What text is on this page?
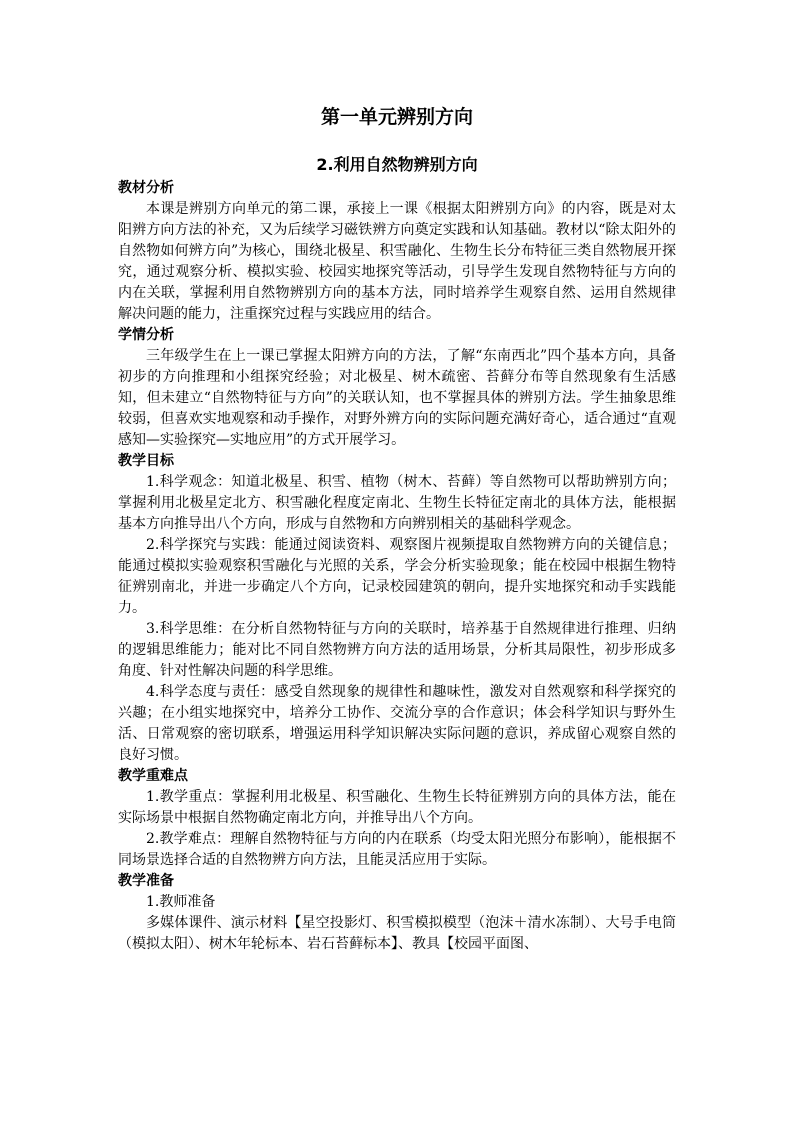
第一单元辨别方向
2.利用自然物辨别方向

教材分析

本课是辨别方向单元的第二课，承接上一课《根据太阳辨别方向》的内容，既是对太阳辨方向方法的补充，又为后续学习磁铁辨方向奠定实践和认知基础。教材以“除太阳外的自然物如何辨方向”为核心，围绕北极星、积雪融化、生物生长分布特征三类自然物展开探究，通过观察分析、模拟实验、校园实地探究等活动，引导学生发现自然物特征与方向的内在关联，掌握利用自然物辨别方向的基本方法，同时培养学生观察自然、运用自然规律解决问题的能力，注重探究过程与实践应用的结合。

学情分析

三年级学生在上一课已掌握太阳辨方向的方法，了解“东南西北”四个基本方向，具备初步的方向推理和小组探究经验；对北极星、树木疏密、苔藓分布等自然现象有生活感知，但未建立“自然物特征与方向”的关联认知，也不掌握具体的辨别方法。学生抽象思维较弱，但喜欢实地观察和动手操作，对野外辨方向的实际问题充满好奇心，适合通过“直观感知—实验探究—实地应用”的方式开展学习。

教学目标

1.科学观念：知道北极星、积雪、植物（树木、苔藓）等自然物可以帮助辨别方向；掌握利用北极星定北方、积雪融化程度定南北、生物生长特征定南北的具体方法，能根据基本方向推导出八个方向，形成与自然物和方向辨别相关的基础科学观念。

2.科学探究与实践：能通过阅读资料、观察图片视频提取自然物辨方向的关键信息；能通过模拟实验观察积雪融化与光照的关系，学会分析实验现象；能在校园中根据生物特征辨别南北，并进一步确定八个方向，记录校园建筑的朝向，提升实地探究和动手实践能力。

3.科学思维：在分析自然物特征与方向的关联时，培养基于自然规律进行推理、归纳的逻辑思维能力；能对比不同自然物辨方向方法的适用场景，分析其局限性，初步形成多角度、针对性解决问题的科学思维。

4.科学态度与责任：感受自然现象的规律性和趣味性，激发对自然观察和科学探究的兴趣；在小组实地探究中，培养分工协作、交流分享的合作意识；体会科学知识与野外生活、日常观察的密切联系，增强运用科学知识解决实际问题的意识，养成留心观察自然的良好习惯。

教学重难点

1.教学重点：掌握利用北极星、积雪融化、生物生长特征辨别方向的具体方法，能在实际场景中根据自然物确定南北方向，并推导出八个方向。

2.教学难点：理解自然物特征与方向的内在联系（均受太阳光照分布影响），能根据不同场景选择合适的自然物辨方向方法，且能灵活应用于实际。

教学准备

1.教师准备

多媒体课件、演示材料【星空投影灯、积雪模拟模型（泡沫＋清水冻制）、大号手电筒（模拟太阳）、树木年轮标本、岩石苔藓标本】、教具【校园平面图、
